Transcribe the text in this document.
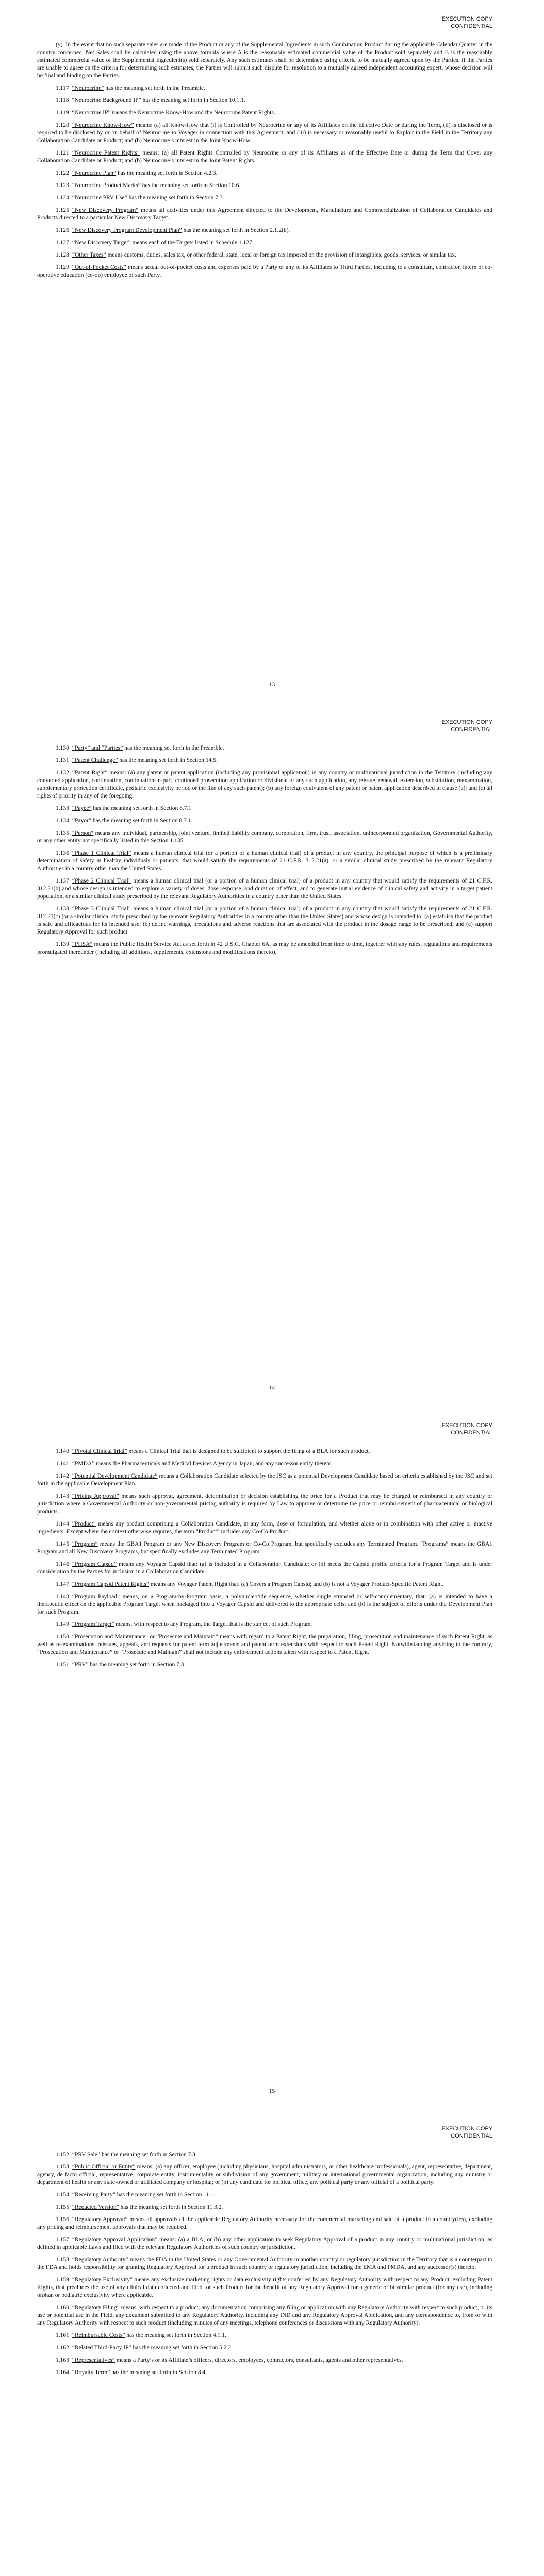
EXECUTION COPY
CONFIDENTIAL

(y) In the event that no such separate sales are made of the Product or any of the Supplemental Ingredients in such Combination Product during the applicable Calendar Quarter in the country concerned, Net Sales shall be calculated using the above formula where A is the reasonably estimated commercial value of the Product sold separately and B is the reasonably estimated commercial value of the Supplemental Ingredient(s) sold separately. Any such estimates shall be determined using criteria to be mutually agreed upon by the Parties. If the Parties are unable to agree on the criteria for determining such estimates, the Parties will submit such dispute for resolution to a mutually agreed independent accounting expert, whose decision will be final and binding on the Parties.

1.117 “Neurocrine” has the meaning set forth in the Preamble.

1.118 “Neurocrine Background IP” has the meaning set forth in Section 10.1.1.

1.119 “Neurocrine IP” means the Neurocrine Know-How and the Neurocrine Patent Rights.

1.120 “Neurocrine Know-How” means: (a) all Know-How that (i) is Controlled by Neurocrine or any of its Affiliates on the Effective Date or during the Term, (ii) is disclosed or is required to be disclosed by or on behalf of Neurocrine to Voyager in connection with this Agreement, and (iii) is necessary or reasonably useful to Exploit in the Field in the Territory any Collaboration Candidate or Product; and (b) Neurocrine’s interest in the Joint Know-How.

1.121 “Neurocrine Patent Rights” means: (a) all Patent Rights Controlled by Neurocrine or any of its Affiliates as of the Effective Date or during the Term that Cover any Collaboration Candidate or Product; and (b) Neurocrine’s interest in the Joint Patent Rights.

1.122 “Neurocrine Plan” has the meaning set forth in Section 4.2.3.

1.123 “Neurocrine Product Marks” has the meaning set forth in Section 10.6.

1.124 “Neurocrine PRV Use” has the meaning set forth in Section 7.3.

1.125 “New Discovery Program” means all activities under this Agreement directed to the Development, Manufacture and Commercialization of Collaboration Candidates and Products directed to a particular New Discovery Target.

1.126 “New Discovery Program Development Plan” has the meaning set forth in Section 2.1.2(b).

1.127 “New Discovery Target” means each of the Targets listed in Schedule 1.127.

1.128 “Other Taxes” means customs, duties, sales tax, or other federal, state, local or foreign tax imposed on the provision of intangibles, goods, services, or similar tax.

1.129 “Out-of-Pocket Costs” means actual out-of-pocket costs and expenses paid by a Party or any of its Affiliates to Third Parties, including to a consultant, contractor, intern or co-operative education (co-op) employee of such Party.

13
EXECUTION COPY
CONFIDENTIAL

1.130 “Party” and “Parties” has the meaning set forth in the Preamble.

1.131 “Patent Challenge” has the meaning set forth in Section 14.5.

1.132 “Patent Right” means: (a) any patent or patent application (including any provisional application) in any country or multinational jurisdiction in the Territory (including any converted application, continuation, continuation-in-part, continued prosecution application or divisional of any such application, any reissue, renewal, extension, substitution, reexamination, supplementary protection certificate, pediatric exclusivity period or the like of any such patent); (b) any foreign equivalent of any patent or patent application described in clause (a); and (c) all rights of priority in any of the foregoing.

1.133 “Payee” has the meaning set forth in Section 8.7.1.

1.134 “Payor” has the meaning set forth in Section 8.7.1.

1.135 “Person” means any individual, partnership, joint venture, limited liability company, corporation, firm, trust, association, unincorporated organization, Governmental Authority, or any other entity not specifically listed in this Section 1.135.

1.136 “Phase 1 Clinical Trial” means a human clinical trial (or a portion of a human clinical trial) of a product in any country, the principal purpose of which is a preliminary determination of safety in healthy individuals or patients, that would satisfy the requirements of 21 C.F.R. 312.21(a), or a similar clinical study prescribed by the relevant Regulatory Authorities in a country other than the United States.

1.137 “Phase 2 Clinical Trial” means a human clinical trial (or a portion of a human clinical trial) of a product in any country that would satisfy the requirements of 21 C.F.R. 312.21(b) and whose design is intended to explore a variety of doses, dose response, and duration of effect, and to generate initial evidence of clinical safety and activity in a target patient population, or a similar clinical study prescribed by the relevant Regulatory Authorities in a country other than the United States.

1.138 “Phase 3 Clinical Trial” means a human clinical trial (or a portion of a human clinical trial) of a product in any country that would satisfy the requirements of 21 C.F.R. 312.21(c) (or a similar clinical study prescribed by the relevant Regulatory Authorities in a country other than the United States) and whose design is intended to: (a) establish that the product is safe and efficacious for its intended use; (b) define warnings, precautions and adverse reactions that are associated with the product in the dosage range to be prescribed; and (c) support Regulatory Approval for such product.

1.139 “PHSA” means the Public Health Service Act as set forth in 42 U.S.C. Chapter 6A, as may be amended from time to time, together with any rules, regulations and requirements promulgated thereunder (including all additions, supplements, extensions and modifications thereto).

14
EXECUTION COPY
CONFIDENTIAL

1.140 “Pivotal Clinical Trial” means a Clinical Trial that is designed to be sufficient to support the filing of a BLA for such product.

1.141 “PMDA” means the Pharmaceuticals and Medical Devices Agency in Japan, and any successor entity thereto.

1.142 “Potential Development Candidate” means a Collaboration Candidate selected by the JSC as a potential Development Candidate based on criteria established by the JSC and set forth in the applicable Development Plan.

1.143 “Pricing Approval” means such approval, agreement, determination or decision establishing the price for a Product that may be charged or reimbursed in any country or jurisdiction where a Governmental Authority or non-governmental pricing authority is required by Law to approve or determine the price or reimbursement of pharmaceutical or biological products.

1.144 “Product” means any product comprising a Collaboration Candidate, in any form, dose or formulation, and whether alone or in combination with other active or inactive ingredients. Except where the context otherwise requires, the term “Product” includes any Co-Co Product.

1.145 “Program” means the GBA1 Program or any New Discovery Program or Co-Co Program, but specifically excludes any Terminated Program. “Programs” means the GBA1 Program and all New Discovery Programs, but specifically excludes any Terminated Program.

1.146 “Program Capsid” means any Voyager Capsid that: (a) is included in a Collaboration Candidate; or (b) meets the Capsid profile criteria for a Program Target and is under consideration by the Parties for inclusion in a Collaboration Candidate.

1.147 “Program Capsid Patent Rights” means any Voyager Patent Right that: (a) Covers a Program Capsid; and (b) is not a Voyager Product-Specific Patent Right.

1.148 “Program Payload” means, on a Program-by-Program basis, a polynucleotide sequence, whether single stranded or self-complementary, that: (a) is intended to have a therapeutic effect on the applicable Program Target when packaged into a Voyager Capsid and delivered to the appropriate cells; and (b) is the subject of efforts under the Development Plan for such Program.

1.149 “Program Target” means, with respect to any Program, the Target that is the subject of such Program.

1.150 “Prosecution and Maintenance” or “Prosecute and Maintain” means with regard to a Patent Right, the preparation, filing, prosecution and maintenance of such Patent Right, as well as re-examinations, reissues, appeals, and requests for patent term adjustments and patent term extensions with respect to such Patent Right. Notwithstanding anything to the contrary, “Prosecution and Maintenance” or “Prosecute and Maintain” shall not include any enforcement actions taken with respect to a Patent Right.

1.151 “PRV” has the meaning set forth in Section 7.3.

15
EXECUTION COPY
CONFIDENTIAL

1.152 “PRV Sale” has the meaning set forth in Section 7.3.

1.153 “Public Official or Entity” means: (a) any officer, employee (including physicians, hospital administrators, or other healthcare professionals), agent, representative, department, agency, de facto official, representative, corporate entity, instrumentality or subdivision of any government, military or international governmental organization, including any ministry or department of health or any state-owned or affiliated company or hospital; or (b) any candidate for political office, any political party or any official of a political party.

1.154 “Receiving Party” has the meaning set forth in Section 11.1.

1.155 “Redacted Version” has the meaning set forth in Section 11.3.2.

1.156 “Regulatory Approval” means all approvals of the applicable Regulatory Authority necessary for the commercial marketing and sale of a product in a country(ies), excluding any pricing and reimbursement approvals that may be required.

1.157 “Regulatory Approval Application” means: (a) a BLA; or (b) any other application to seek Regulatory Approval of a product in any country or multinational jurisdiction, as defined in applicable Laws and filed with the relevant Regulatory Authorities of such country or jurisdiction.

1.158 “Regulatory Authority” means the FDA in the United States or any Governmental Authority in another country or regulatory jurisdiction in the Territory that is a counterpart to the FDA and holds responsibility for granting Regulatory Approval for a product in such country or regulatory jurisdiction, including the EMA and PMDA, and any successor(s) thereto.

1.159 “Regulatory Exclusivity” means any exclusive marketing rights or data exclusivity rights conferred by any Regulatory Authority with respect to any Product, excluding Patent Rights, that precludes the use of any clinical data collected and filed for such Product for the benefit of any Regulatory Approval for a generic or biosimilar product (for any use), including orphan or pediatric exclusivity where applicable.

1.160 “Regulatory Filing” means, with respect to a product, any documentation comprising any filing or application with any Regulatory Authority with respect to such product, or its use or potential use in the Field, any document submitted to any Regulatory Authority, including any IND and any Regulatory Approval Application, and any correspondence to, from or with any Regulatory Authority with respect to such product (including minutes of any meetings, telephone conferences or discussions with any Regulatory Authority).

1.161 “Reimbursable Costs” has the meaning set forth in Section 4.1.1.

1.162 “Related Third-Party IP” has the meaning set forth in Section 5.2.2.

1.163 “Representatives” means a Party’s or its Affiliate’s officers, directors, employees, contractors, consultants, agents and other representatives.

1.164 “Royalty Term” has the meaning set forth in Section 8.4.
